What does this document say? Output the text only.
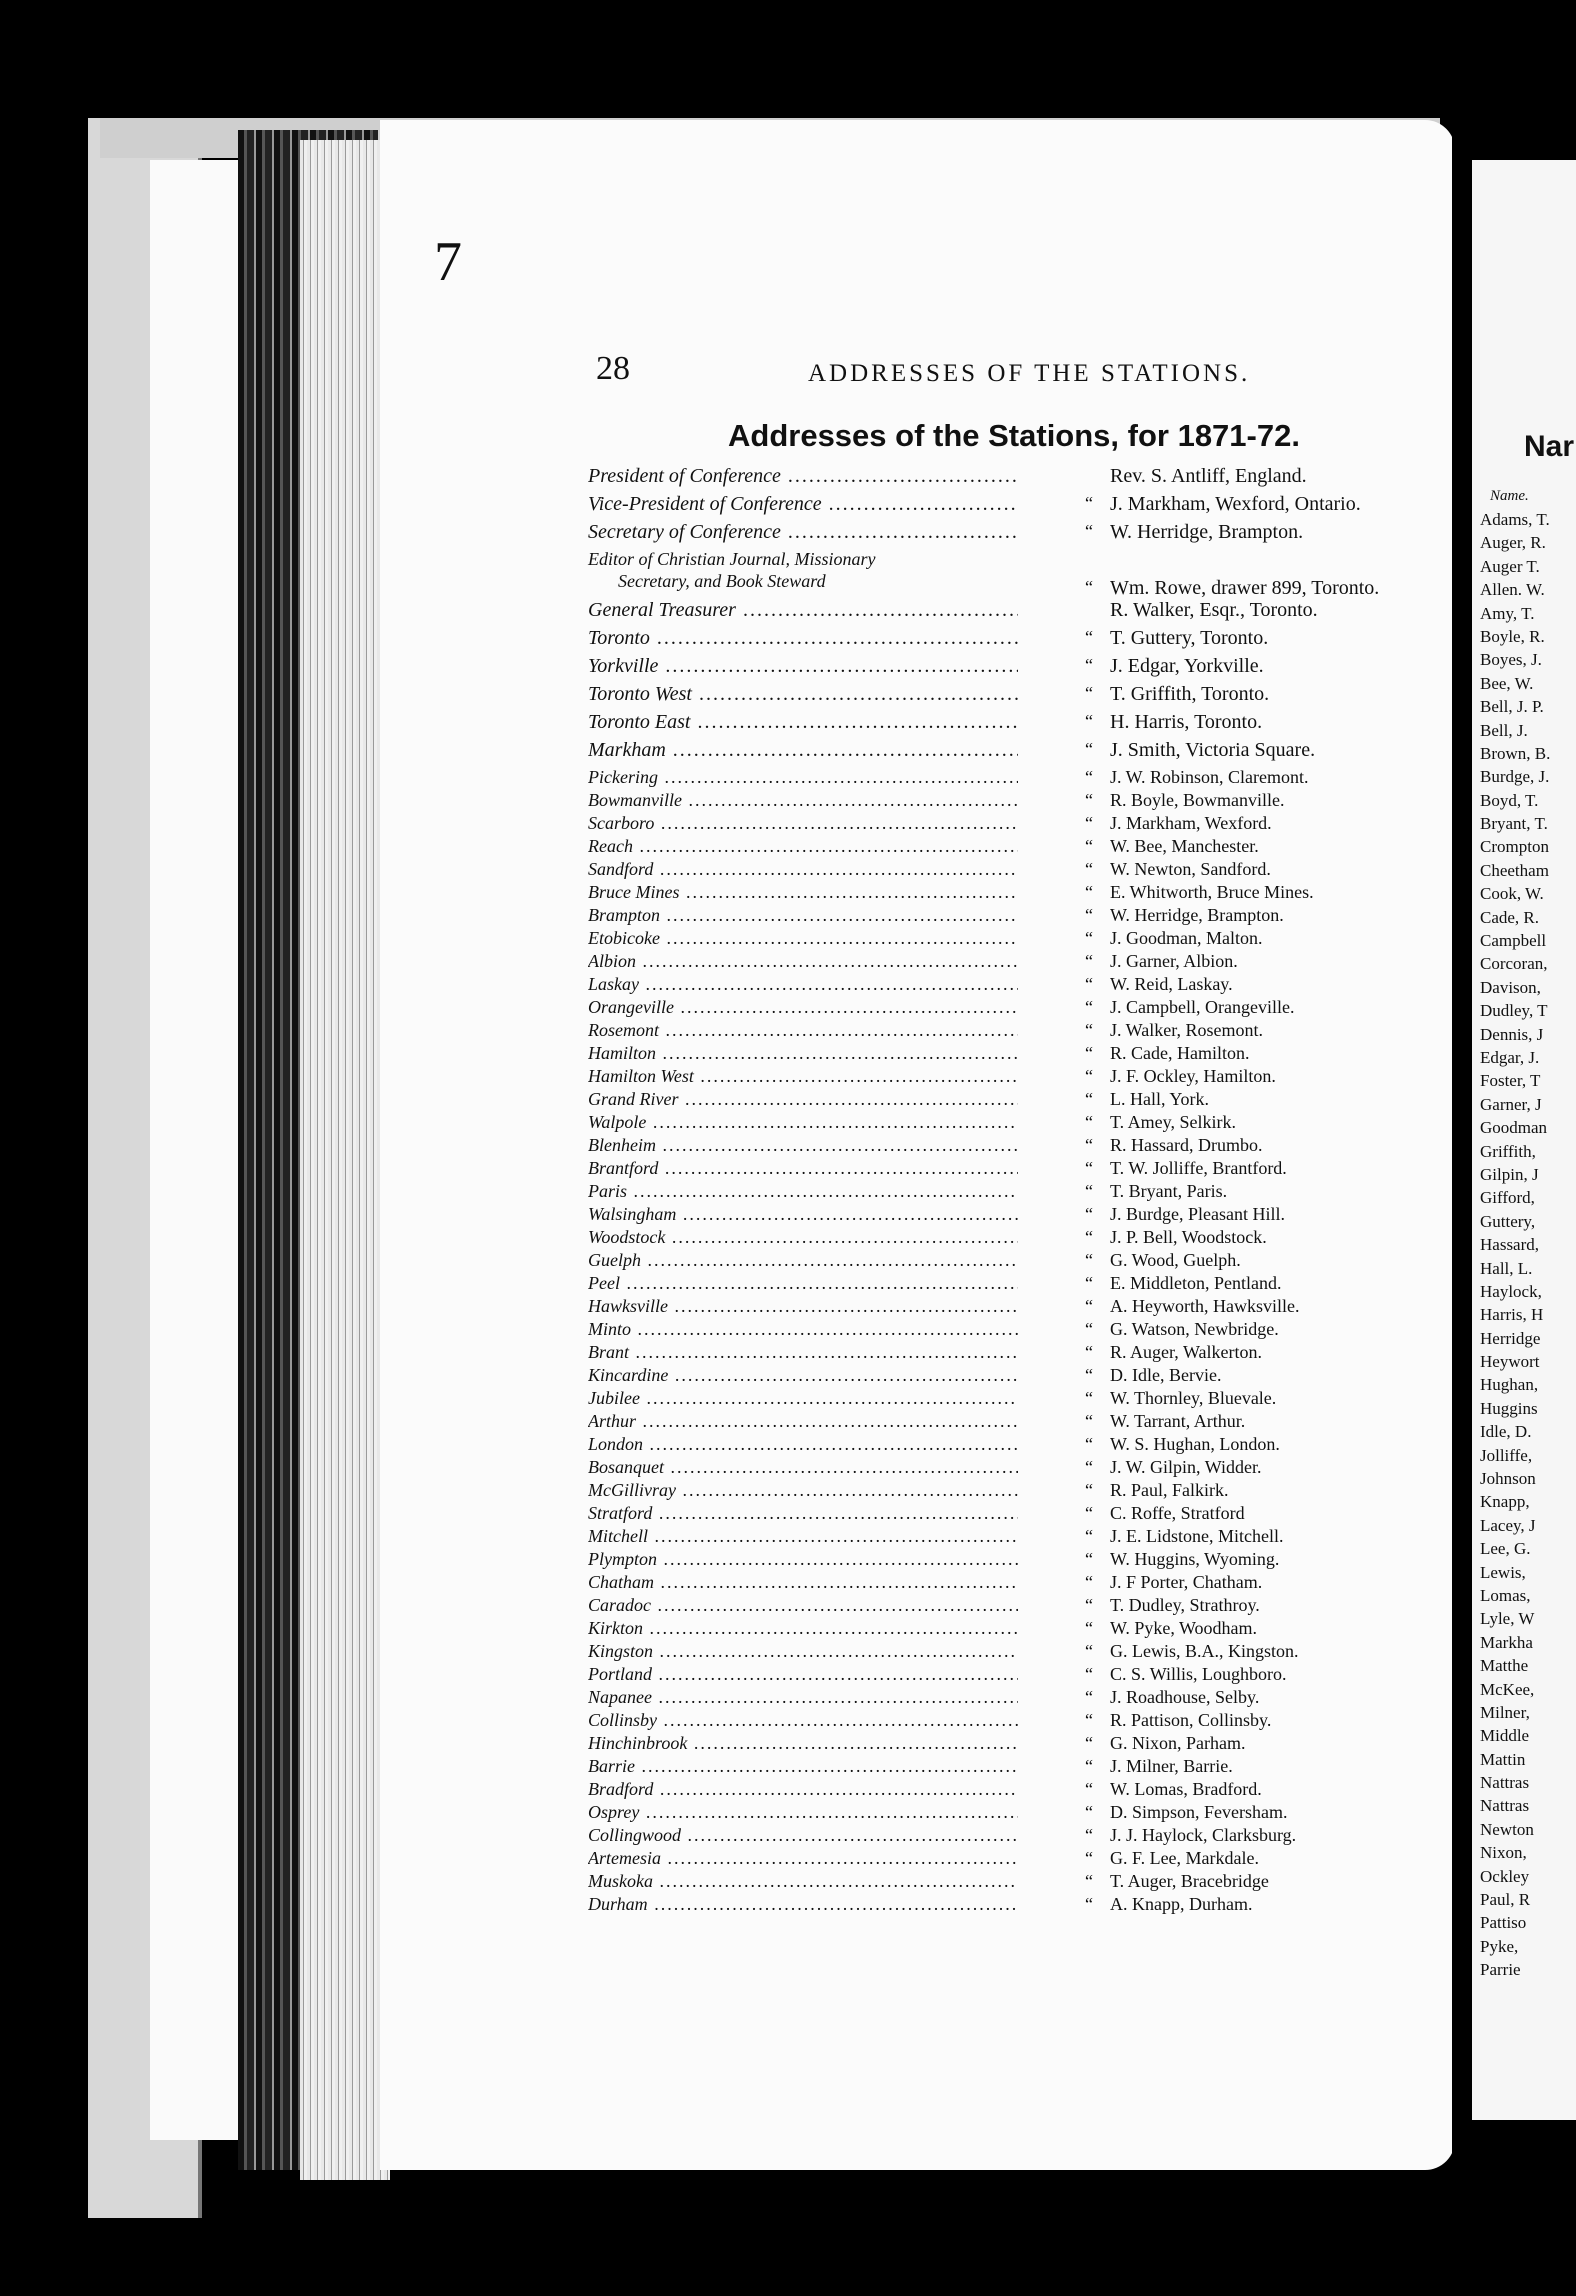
7
28	ADDRESSES OF THE STATIONS.
Addresses of the Stations, for 1871-72.
President of Conference .....	Rev. S. Antliff, England.
Vice-President of Conference .....	“ J. Markham, Wexford, Ontario.
Secretary of Conference .....	“ W. Herridge, Brampton.
Editor of Christian Journal, Missionary
Secretary, and Book Steward	“ Wm. Rowe, drawer 899, Toronto.
General Treasurer .....	R. Walker, Esqr., Toronto.
Toronto .....	“ T. Guttery, Toronto.
Yorkville .....	“ J. Edgar, Yorkville.
Toronto West .....	“ T. Griffith, Toronto.
Toronto East .....	“ H. Harris, Toronto.
Markham .....	“ J. Smith, Victoria Square.
Pickering .....	“ J. W. Robinson, Claremont.
Bowmanville .....	“ R. Boyle, Bowmanville.
Scarboro .....	“ J. Markham, Wexford.
Reach .....	“ W. Bee, Manchester.
Sandford .....	“ W. Newton, Sandford.
Bruce Mines .....	“ E. Whitworth, Bruce Mines.
Brampton .....	“ W. Herridge, Brampton.
Etobicoke .....	“ J. Goodman, Malton.
Albion .....	“ J. Garner, Albion.
Laskay .....	“ W. Reid, Laskay.
Orangeville .....	“ J. Campbell, Orangeville.
Rosemont .....	“ J. Walker, Rosemont.
Hamilton .....	“ R. Cade, Hamilton.
Hamilton West .....	“ J. F. Ockley, Hamilton.
Grand River .....	“ L. Hall, York.
Walpole .....	“ T. Amey, Selkirk.
Blenheim .....	“ R. Hassard, Drumbo.
Brantford .....	“ T. W. Jolliffe, Brantford.
Paris .....	“ T. Bryant, Paris.
Walsingham .....	“ J. Burdge, Pleasant Hill.
Woodstock .....	“ J. P. Bell, Woodstock.
Guelph .....	“ G. Wood, Guelph.
Peel .....	“ E. Middleton, Pentland.
Hawksville .....	“ A. Heyworth, Hawksville.
Minto .....	“ G. Watson, Newbridge.
Brant .....	“ R. Auger, Walkerton.
Kincardine .....	“ D. Idle, Bervie.
Jubilee .....	“ W. Thornley, Bluevale.
Arthur .....	“ W. Tarrant, Arthur.
London .....	“ W. S. Hughan, London.
Bosanquet .....	“ J. W. Gilpin, Widder.
McGillivray .....	“ R. Paul, Falkirk.
Stratford .....	“ C. Roffe, Stratford
Mitchell .....	“ J. E. Lidstone, Mitchell.
Plympton .....	“ W. Huggins, Wyoming.
Chatham .....	“ J. F Porter, Chatham.
Caradoc .....	“ T. Dudley, Strathroy.
Kirkton .....	“ W. Pyke, Woodham.
Kingston .....	“ G. Lewis, B.A., Kingston.
Portland .....	“ C. S. Willis, Loughboro.
Napanee .....	“ J. Roadhouse, Selby.
Collinsby .....	“ R. Pattison, Collinsby.
Hinchinbrook .....	“ G. Nixon, Parham.
Barrie .....	“ J. Milner, Barrie.
Bradford .....	“ W. Lomas, Bradford.
Osprey .....	“ D. Simpson, Feversham.
Collingwood .....	“ J. J. Haylock, Clarksburg.
Artemesia .....	“ G. F. Lee, Markdale.
Muskoka .....	“ T. Auger, Bracebridge
Durham .....	“ A. Knapp, Durham.
Nar
Name.
Adams, T.
Auger, R.
Auger T.
Allen. W.
Amy, T.
Boyle, R.
Boyes, J.
Bee, W.
Bell, J. P.
Bell, J.
Brown, B.
Burdge, J.
Boyd, T.
Bryant, T.
Crompton
Cheetham
Cook, W.
Cade, R.
Campbell
Corcoran,
Davison,
Dudley, T
Dennis, J
Edgar, J.
Foster, T
Garner, J
Goodman
Griffith,
Gilpin, J
Gifford,
Guttery,
Hassard,
Hall, L.
Haylock,
Harris, H
Herridge
Heywort
Hughan,
Huggins
Idle, D.
Jolliffe,
Johnson
Knapp,
Lacey, J
Lee, G.
Lewis,
Lomas,
Lyle, W
Markha
Matthe
McKee,
Milner,
Middle
Mattin
Nattras
Nattras
Newton
Nixon,
Ockley
Paul, R
Pattiso
Pyke,
Parrie
